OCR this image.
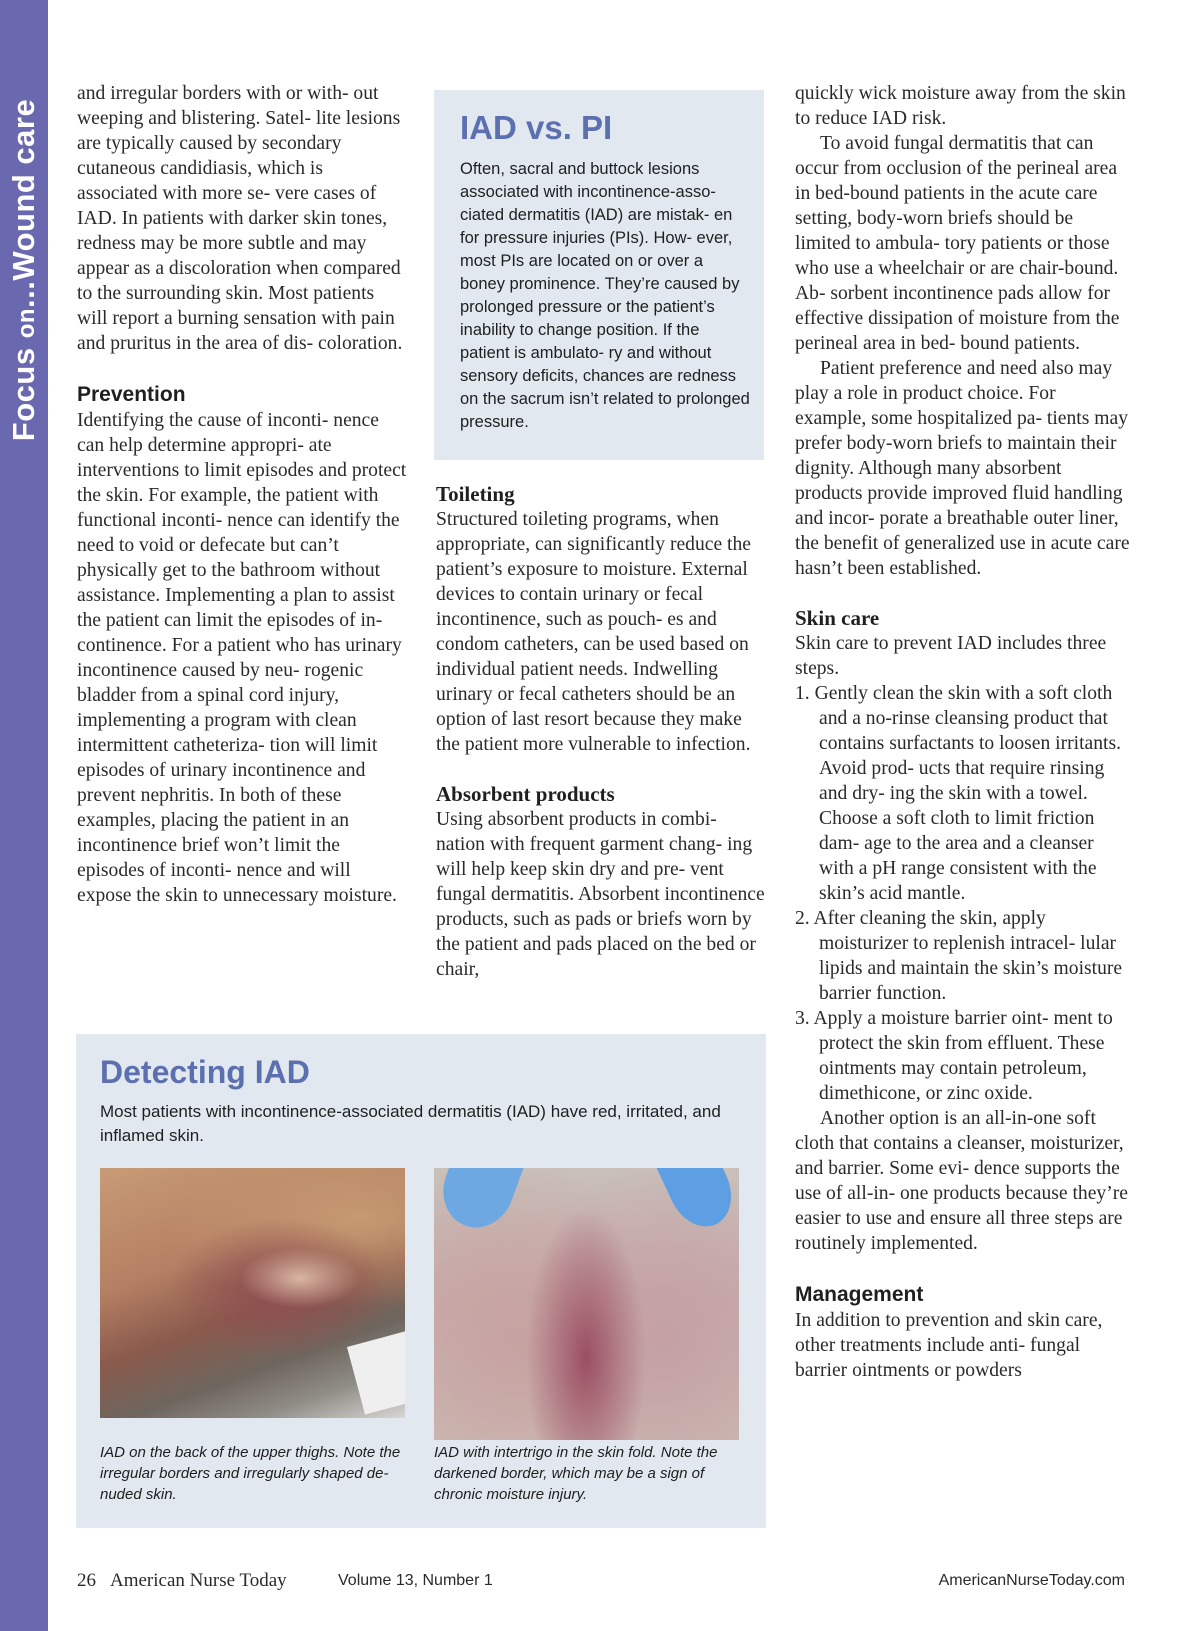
Focus on...Wound care

and irregular borders with or with- out weeping and blistering. Satel- lite lesions are typically caused by secondary cutaneous candidiasis, which is associated with more se- vere cases of IAD. In patients with darker skin tones, redness may be more subtle and may appear as a discoloration when compared to the surrounding skin. Most patients will report a burning sensation with pain and pruritus in the area of dis- coloration.

Prevention

Identifying the cause of inconti- nence can help determine appropri- ate interventions to limit episodes and protect the skin. For example, the patient with functional inconti- nence can identify the need to void or defecate but can’t physically get to the bathroom without assistance. Implementing a plan to assist the patient can limit the episodes of in- continence. For a patient who has urinary incontinence caused by neu- rogenic bladder from a spinal cord injury, implementing a program with clean intermittent catheteriza- tion will limit episodes of urinary incontinence and prevent nephritis. In both of these examples, placing the patient in an incontinence brief won’t limit the episodes of inconti- nence and will expose the skin to unnecessary moisture.

IAD vs. PI
Often, sacral and buttock lesions associated with incontinence-asso- ciated dermatitis (IAD) are mistak- en for pressure injuries (PIs). How- ever, most PIs are located on or over a boney prominence. They’re caused by prolonged pressure or the patient’s inability to change position. If the patient is ambulato- ry and without sensory deficits, chances are redness on the sacrum isn’t related to prolonged pressure.
Toileting

Structured toileting programs, when appropriate, can significantly reduce the patient’s exposure to moisture. External devices to contain urinary or fecal incontinence, such as pouch- es and condom catheters, can be used based on individual patient needs. Indwelling urinary or fecal catheters should be an option of last resort because they make the patient more vulnerable to infection.

Absorbent products

Using absorbent products in combi- nation with frequent garment chang- ing will help keep skin dry and pre- vent fungal dermatitis. Absorbent incontinence products, such as pads or briefs worn by the patient and pads placed on the bed or chair,

Detecting IAD
Most patients with incontinence-associated dermatitis (IAD) have red, irritated, and inflamed skin.
IAD on the back of the upper thighs. Note the irregular borders and irregularly shaped de- nuded skin.
IAD with intertrigo in the skin fold. Note the darkened border, which may be a sign of chronic moisture injury.

quickly wick moisture away from the skin to reduce IAD risk.

To avoid fungal dermatitis that can occur from occlusion of the perineal area in bed-bound patients in the acute care setting, body-worn briefs should be limited to ambula- tory patients or those who use a wheelchair or are chair-bound. Ab- sorbent incontinence pads allow for effective dissipation of moisture from the perineal area in bed- bound patients.

Patient preference and need also may play a role in product choice. For example, some hospitalized pa- tients may prefer body-worn briefs to maintain their dignity. Although many absorbent products provide improved fluid handling and incor- porate a breathable outer liner, the benefit of generalized use in acute care hasn’t been established.

Skin care

Skin care to prevent IAD includes three steps.

1. Gently clean the skin with a soft cloth and a no-rinse cleansing product that contains surfactants to loosen irritants. Avoid prod- ucts that require rinsing and dry- ing the skin with a towel. Choose a soft cloth to limit friction dam- age to the area and a cleanser with a pH range consistent with the skin’s acid mantle.
2. After cleaning the skin, apply moisturizer to replenish intracel- lular lipids and maintain the skin’s moisture barrier function.
3. Apply a moisture barrier oint- ment to protect the skin from effluent. These ointments may contain petroleum, dimethicone, or zinc oxide.

Another option is an all-in-one soft cloth that contains a cleanser, moisturizer, and barrier. Some evi- dence supports the use of all-in- one products because they’re easier to use and ensure all three steps are routinely implemented.

Management

In addition to prevention and skin care, other treatments include anti- fungal barrier ointments or powders

26 American Nurse Today	Volume 13, Number 1	AmericanNurseToday.com
